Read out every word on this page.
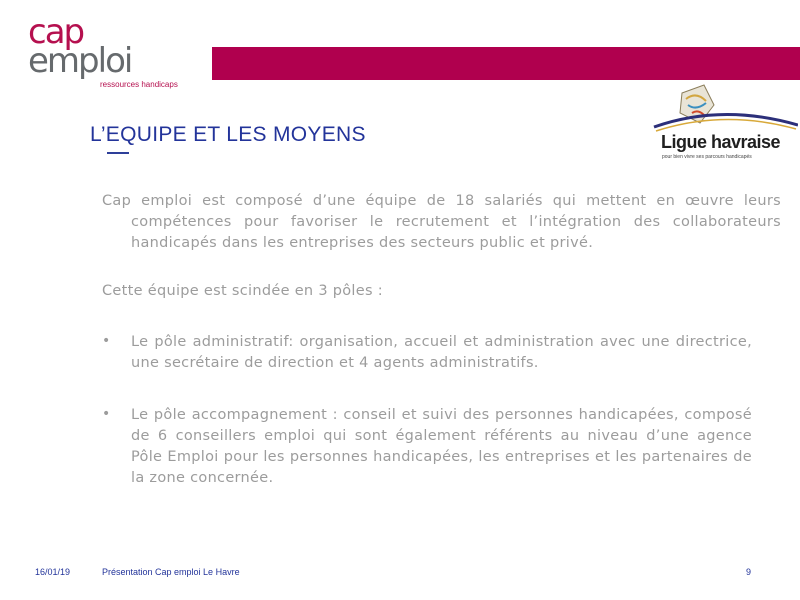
cap
emploi
ressources handicaps
L’EQUIPE ET LES MOYENS	Ligue havraise
pour bien vivre ses parcours handicapés
Cap emploi est composé d’une équipe de 18 salariés qui mettent en œuvre leurs compétences pour favoriser le recrutement et l’intégration des collaborateurs handicapés dans les entreprises des secteurs public et privé.
Cette équipe est scindée en 3 pôles :
• Le pôle administratif: organisation, accueil et administration avec une directrice, une secrétaire de direction et 4 agents administratifs.
• Le pôle accompagnement : conseil et suivi des personnes handicapées, composé de 6 conseillers emploi qui sont également référents au niveau d’une agence Pôle Emploi pour les personnes handicapées, les entreprises et les partenaires de la zone concernée.
16/01/19	Présentation Cap emploi Le Havre	9
